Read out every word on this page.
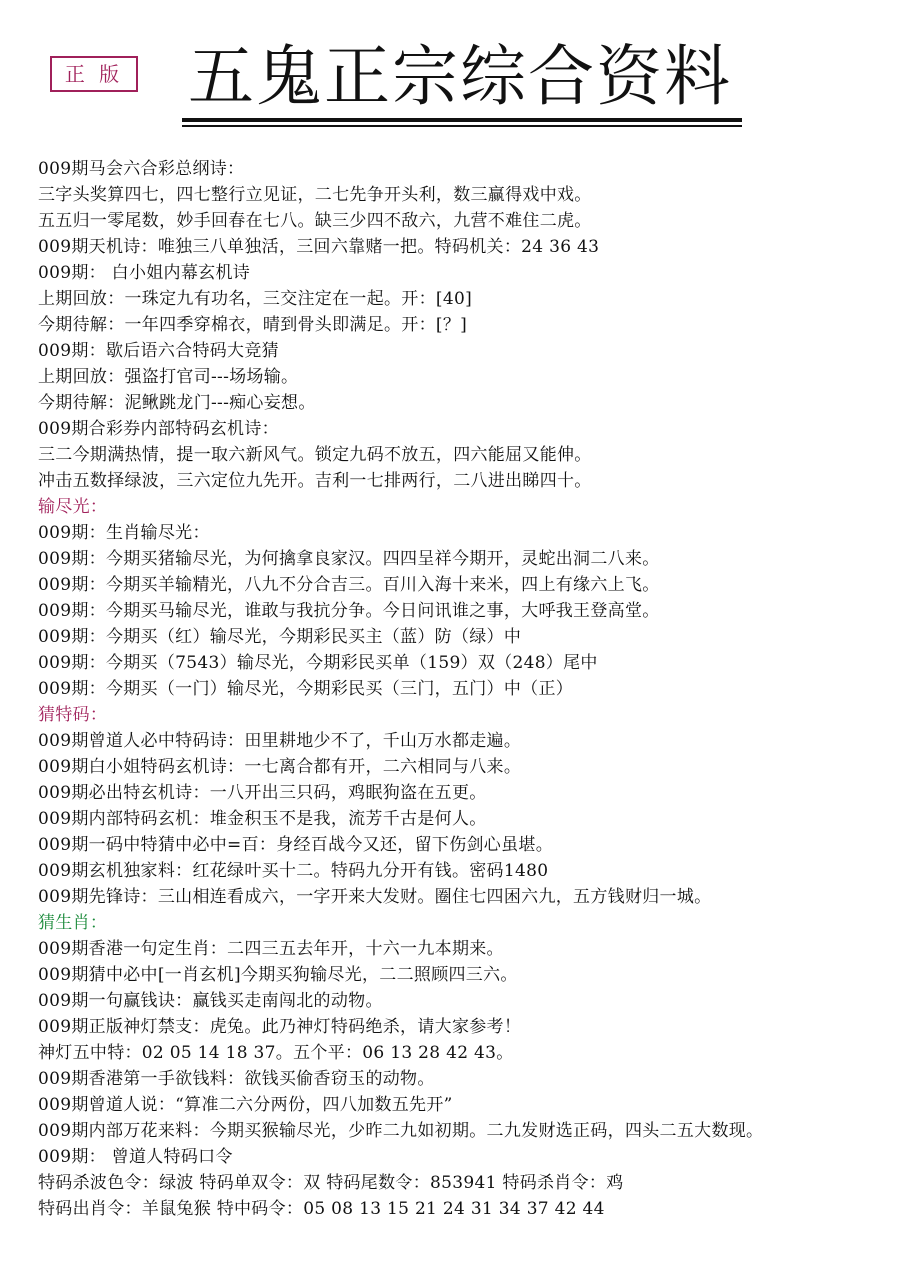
正 版 五鬼正宗综合资料
009期马会六合彩总纲诗：
三字头奖算四七，四七整行立见证，二七先争开头利，数三赢得戏中戏。
五五归一零尾数，妙手回春在七八。缺三少四不敌六，九营不难住二虎。
009期天机诗：唯独三八单独活，三回六靠赌一把。特码机关：24 36 43
009期： 白小姐内幕玄机诗
上期回放：一珠定九有功名，三交注定在一起。开：[40]
今期待解：一年四季穿棉衣，晴到骨头即满足。开：[？]
009期：歇后语六合特码大竞猜
上期回放：强盗打官司---场场输。
今期待解：泥鳅跳龙门---痴心妄想。
009期合彩券内部特码玄机诗：
三二今期满热情，提一取六新风气。锁定九码不放五，四六能屈又能伸。
冲击五数择绿波，三六定位九先开。吉利一七排两行，二八进出睇四十。
输尽光：
009期：生肖输尽光：
009期：今期买猪输尽光，为何擒拿良家汉。四四呈祥今期开，灵蛇出洞二八来。
009期：今期买羊输精光，八九不分合吉三。百川入海十来米，四上有缘六上飞。
009期：今期买马输尽光，谁敢与我抗分争。今日问讯谁之事，大呼我王登高堂。
009期：今期买（红）输尽光，今期彩民买主（蓝）防（绿）中
009期：今期买（7543）输尽光，今期彩民买单（159）双（248）尾中
009期：今期买（一门）输尽光，今期彩民买（三门，五门）中（正）
猜特码：
009期曾道人必中特码诗：田里耕地少不了，千山万水都走遍。
009期白小姐特码玄机诗：一七离合都有开，二六相同与八来。
009期必出特玄机诗：一八开出三只码，鸡眠狗盗在五更。
009期内部特码玄机：堆金积玉不是我，流芳千古是何人。
009期一码中特猜中必中=百：身经百战今又还，留下伤剑心虽堪。
009期玄机独家料：红花绿叶买十二。特码九分开有钱。密码1480
009期先锋诗：三山相连看成六，一字开来大发财。圈住七四困六九，五方钱财归一城。
猜生肖：
009期香港一句定生肖：二四三五去年开，十六一九本期来。
009期猜中必中[一肖玄机]今期买狗输尽光，二二照顾四三六。
009期一句赢钱诀：赢钱买走南闯北的动物。
009期正版神灯禁支：虎兔。此乃神灯特码绝杀，请大家参考！
神灯五中特：02 05 14 18 37。五个平：06 13 28 42 43。
009期香港第一手欲钱料：欲钱买偷香窃玉的动物。
009期曾道人说：“算准二六分两份，四八加数五先开”
009期内部万花来料：今期买猴输尽光，少昨二九如初期。二九发财选正码，四头二五大数现。
009期： 曾道人特码口令
特码杀波色令：绿波 特码单双令：双 特码尾数令：853941 特码杀肖令：鸡
特码出肖令：羊鼠兔猴 特中码令：05 08 13 15 21 24 31 34 37 42 44
